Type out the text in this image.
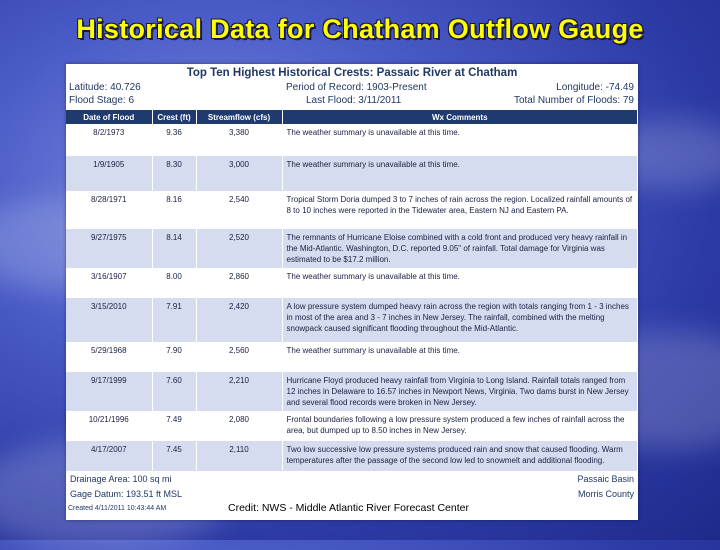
Historical Data for Chatham Outflow Gauge
Top Ten Highest Historical Crests: Passaic River at Chatham
Latitude: 40.726	Period of Record: 1903-Present	Longitude: -74.49
Flood Stage: 6	Last Flood: 3/11/2011	Total Number of Floods: 79
Date of Flood	Crest (ft)	Streamflow (cfs)	Wx Comments
8/2/1973	9.36	3,380	The weather summary is unavailable at this time.
1/9/1905	8.30	3,000	The weather summary is unavailable at this time.
8/28/1971	8.16	2,540	Tropical Storm Doria dumped 3 to 7 inches of rain across the region. Localized rainfall amounts of 8 to 10 inches were reported in the Tidewater area, Eastern NJ and Eastern PA.
9/27/1975	8.14	2,520	The remnants of Hurricane Eloise combined with a cold front and produced very heavy rainfall in the Mid-Atlantic. Washington, D.C. reported 9.05" of rainfall. Total damage for Virginia was estimated to be $17.2 million.
3/16/1907	8.00	2,860	The weather summary is unavailable at this time.
3/15/2010	7.91	2,420	A low pressure system dumped heavy rain across the region with totals ranging from 1 - 3 inches in most of the area and 3 - 7 inches in New Jersey. The rainfall, combined with the melting snowpack caused significant flooding throughout the Mid-Atlantic.
5/29/1968	7.90	2,560	The weather summary is unavailable at this time.
9/17/1999	7.60	2,210	Hurricane Floyd produced heavy rainfall from Virginia to Long Island. Rainfall totals ranged from 12 inches in Delaware to 16.57 inches in Newport News, Virginia. Two dams burst in New Jersey and several flood records were broken in New Jersey.
10/21/1996	7.49	2,080	Frontal boundaries following a low pressure system produced a few inches of rainfall across the area, but dumped up to 8.50 inches in New Jersey.
4/17/2007	7.45	2,110	Two low successive low pressure systems produced rain and snow that caused flooding. Warm temperatures after the passage of the second low led to snowmelt and additional flooding.
Drainage Area: 100 sq mi
Gage Datum: 193.51 ft MSL
Created 4/11/2011 10:43:44 AM
Passaic Basin
Morris County
Credit: NWS - Middle Atlantic River Forecast Center
